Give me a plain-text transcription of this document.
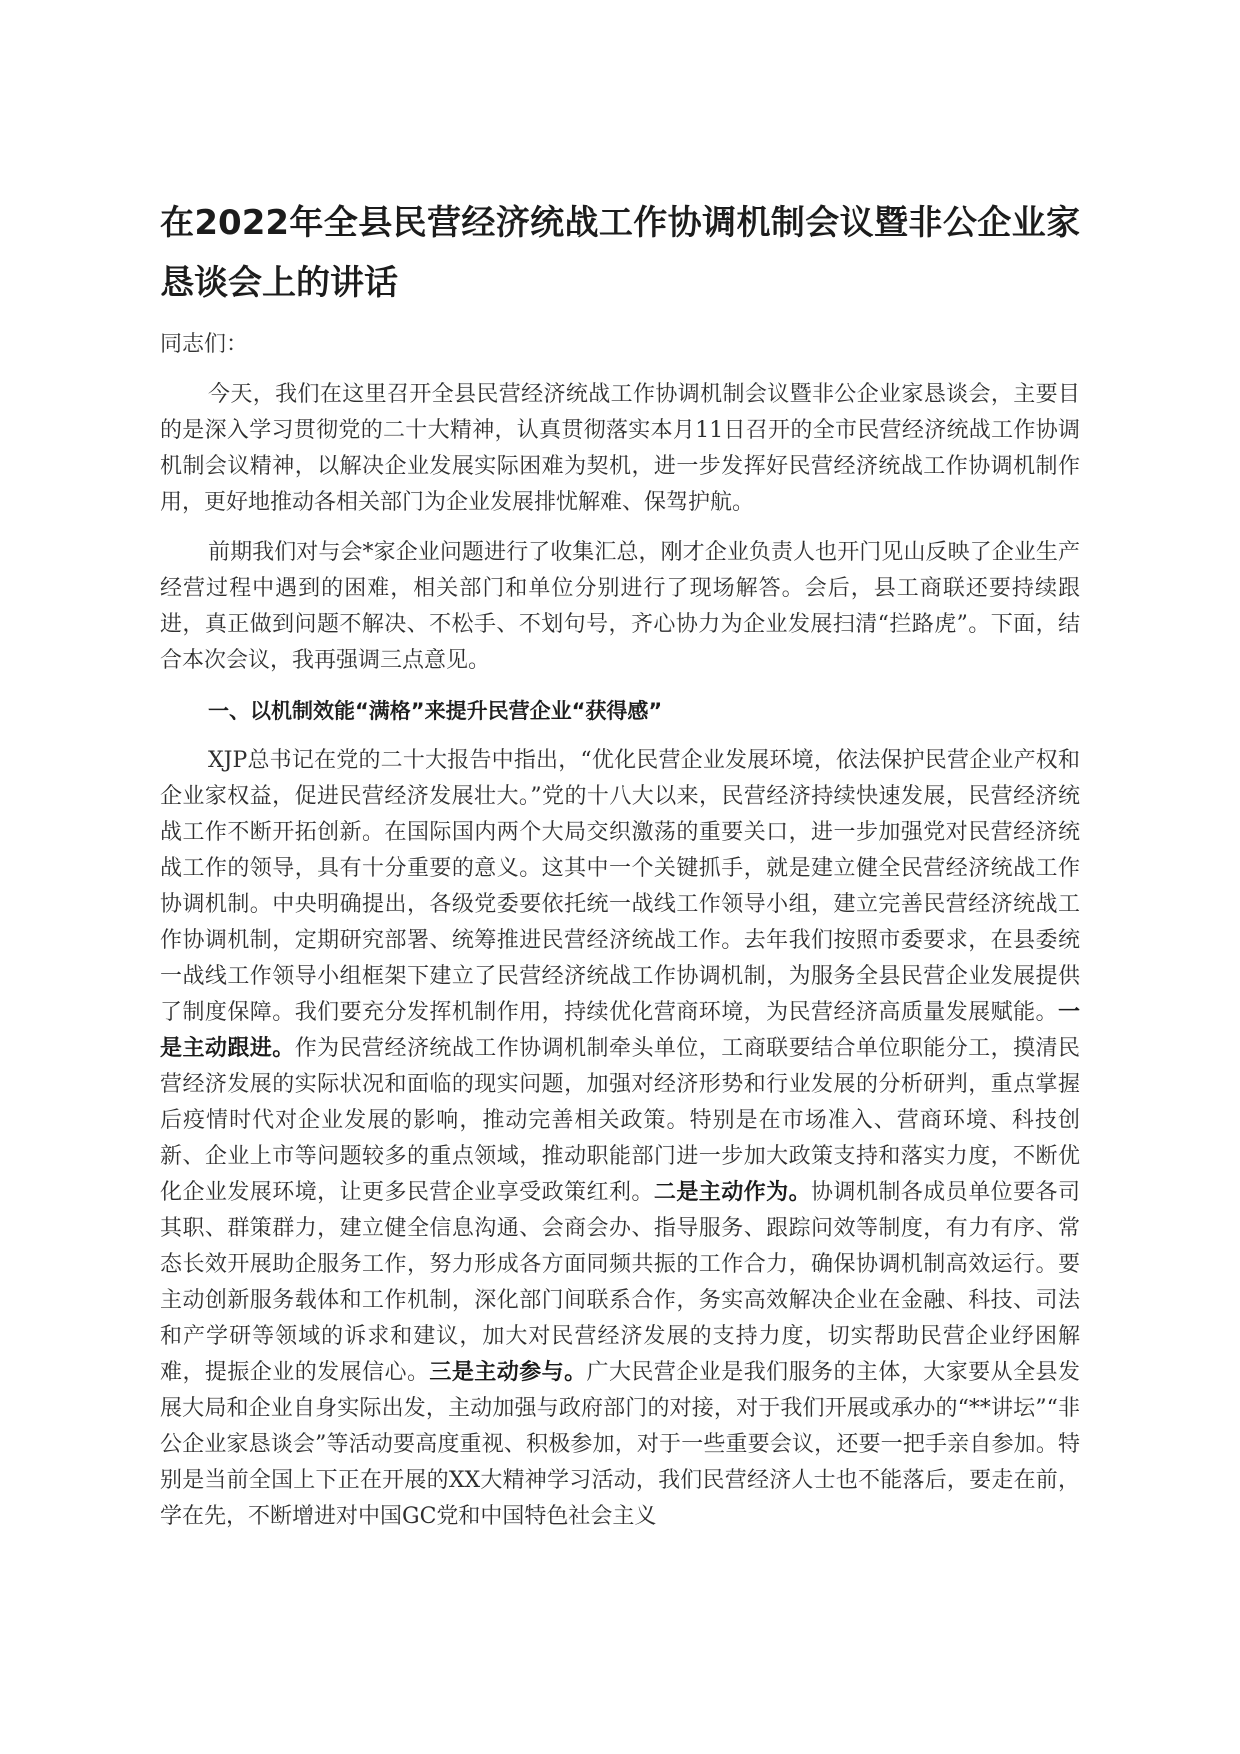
在2022年全县民营经济统战工作协调机制会议暨非公企业家恳谈会上的讲话

同志们：

今天，我们在这里召开全县民营经济统战工作协调机制会议暨非公企业家恳谈会，主要目的是深入学习贯彻党的二十大精神，认真贯彻落实本月11日召开的全市民营经济统战工作协调机制会议精神，以解决企业发展实际困难为契机，进一步发挥好民营经济统战工作协调机制作用，更好地推动各相关部门为企业发展排忧解难、保驾护航。

前期我们对与会*家企业问题进行了收集汇总，刚才企业负责人也开门见山反映了企业生产经营过程中遇到的困难，相关部门和单位分别进行了现场解答。会后，县工商联还要持续跟进，真正做到问题不解决、不松手、不划句号，齐心协力为企业发展扫清“拦路虎”。下面，结合本次会议，我再强调三点意见。

一、以机制效能“满格”来提升民营企业“获得感”

XJP总书记在党的二十大报告中指出，“优化民营企业发展环境，依法保护民营企业产权和企业家权益，促进民营经济发展壮大。”党的十八大以来，民营经济持续快速发展，民营经济统战工作不断开拓创新。在国际国内两个大局交织激荡的重要关口，进一步加强党对民营经济统战工作的领导，具有十分重要的意义。这其中一个关键抓手，就是建立健全民营经济统战工作协调机制。中央明确提出，各级党委要依托统一战线工作领导小组，建立完善民营经济统战工作协调机制，定期研究部署、统筹推进民营经济统战工作。去年我们按照市委要求，在县委统一战线工作领导小组框架下建立了民营经济统战工作协调机制，为服务全县民营企业发展提供了制度保障。我们要充分发挥机制作用，持续优化营商环境，为民营经济高质量发展赋能。一是主动跟进。作为民营经济统战工作协调机制牵头单位，工商联要结合单位职能分工，摸清民营经济发展的实际状况和面临的现实问题，加强对经济形势和行业发展的分析研判，重点掌握后疫情时代对企业发展的影响，推动完善相关政策。特别是在市场准入、营商环境、科技创新、企业上市等问题较多的重点领域，推动职能部门进一步加大政策支持和落实力度，不断优化企业发展环境，让更多民营企业享受政策红利。二是主动作为。协调机制各成员单位要各司其职、群策群力，建立健全信息沟通、会商会办、指导服务、跟踪问效等制度，有力有序、常态长效开展助企服务工作，努力形成各方面同频共振的工作合力，确保协调机制高效运行。要主动创新服务载体和工作机制，深化部门间联系合作，务实高效解决企业在金融、科技、司法和产学研等领域的诉求和建议，加大对民营经济发展的支持力度，切实帮助民营企业纾困解难，提振企业的发展信心。三是主动参与。广大民营企业是我们服务的主体，大家要从全县发展大局和企业自身实际出发，主动加强与政府部门的对接，对于我们开展或承办的“**讲坛”“非公企业家恳谈会”等活动要高度重视、积极参加，对于一些重要会议，还要一把手亲自参加。特别是当前全国上下正在开展的XX大精神学习活动，我们民营经济人士也不能落后，要走在前，学在先，不断增进对中国GC党和中国特色社会主义
